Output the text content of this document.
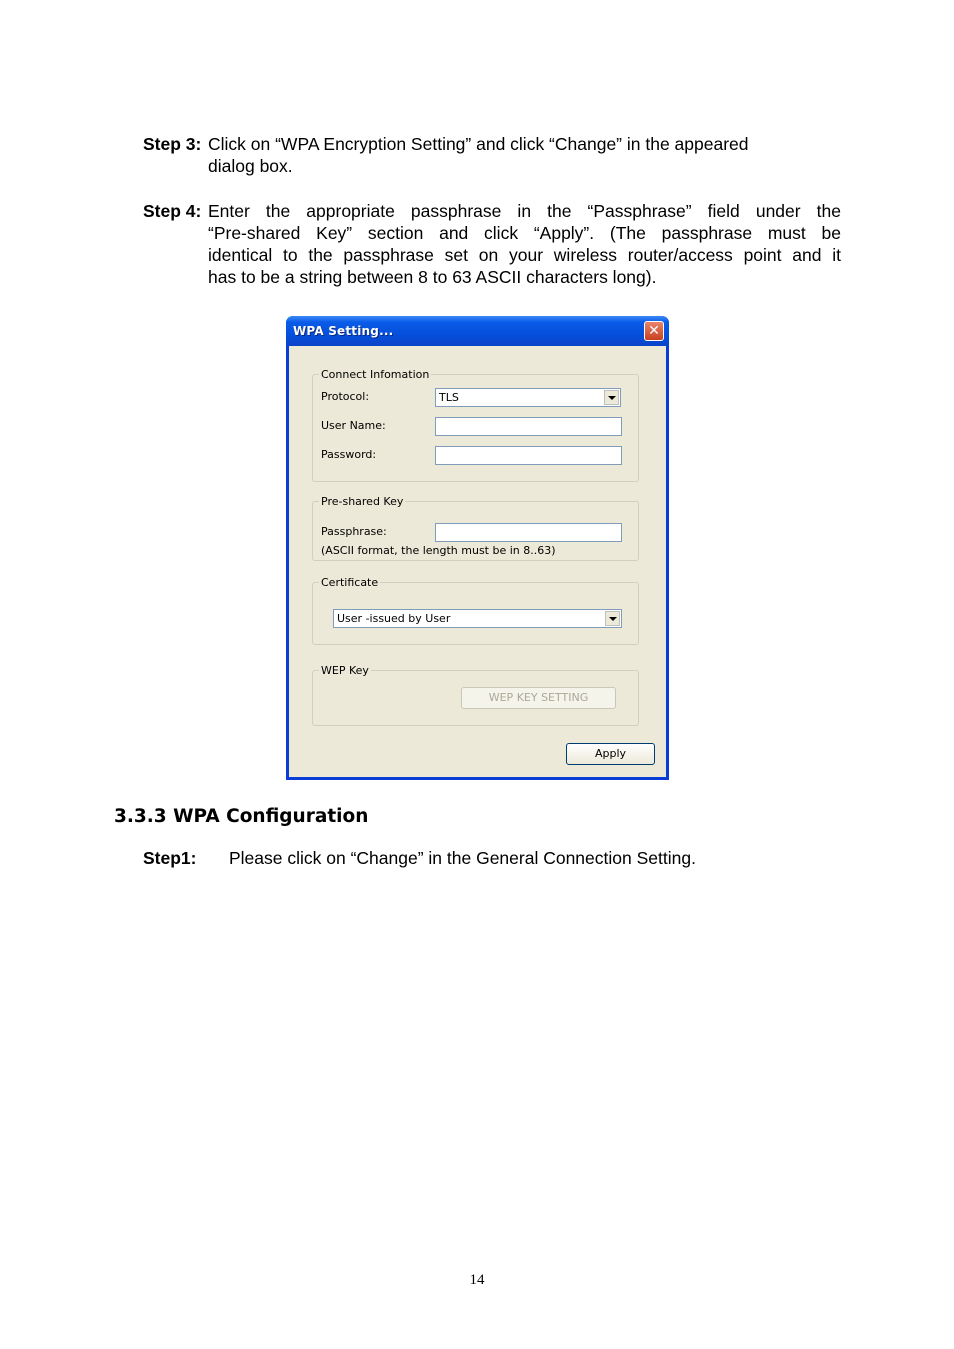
Step 3: Click on “WPA Encryption Setting” and click “Change” in the appeared
dialog box.
Step 4: Enter the appropriate passphrase in the “Passphrase” field under the
“Pre-shared Key” section and click “Apply”. (The passphrase must be
identical to the passphrase set on your wireless router/access point and it
has to be a string between 8 to 63 ASCII characters long).
WPA Setting...	✕
Connect Infomation
Protocol:	TLS
User Name:
Password:
Pre-shared Key
Passphrase:
(ASCII format, the length must be in 8..63)
Certificate
User -issued by User
WEP Key
WEP KEY SETTING
Apply
3.3.3 WPA Configuration
Step1: Please click on “Change” in the General Connection Setting.
14
